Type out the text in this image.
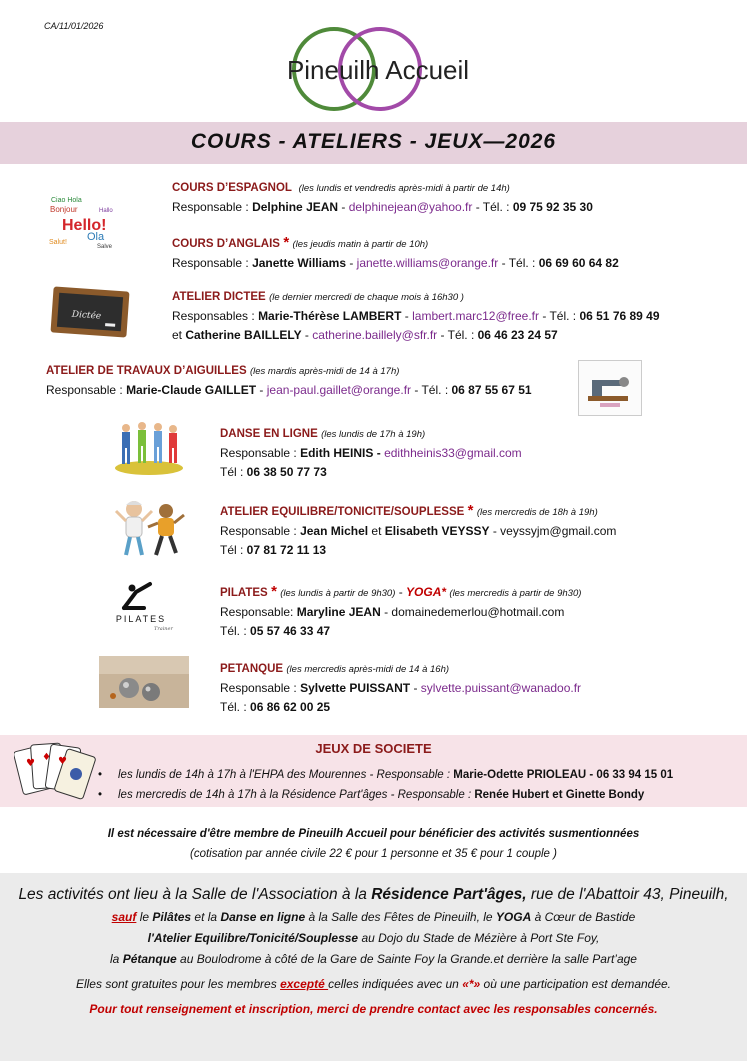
CA/11/01/2026
Pineuilh Accueil
COURS - ATELIERS - JEUX—2026
Ciao Hola
Bonjour
Hello!
Ola
Salut!
Hallo
Salve
COURS D’ESPAGNOL (les lundis et vendredis après-midi à partir de 14h)
Responsable : Delphine JEAN - delphinejean@yahoo.fr - Tél. : 09 75 92 35 30
COURS D’ANGLAIS * (les jeudis matin à partir de 10h)
Responsable : Janette Williams - janette.williams@orange.fr - Tél. : 06 69 60 64 82
Dictée
ATELIER DICTEE (le dernier mercredi de chaque mois à 16h30 )
Responsables : Marie-Thérèse LAMBERT - lambert.marc12@free.fr - Tél. : 06 51 76 89 49
et Catherine BAILLELY - catherine.baillely@sfr.fr - Tél. : 06 46 23 24 57
ATELIER DE TRAVAUX D’AIGUILLES (les mardis après-midi de 14 à 17h)
Responsable : Marie-Claude GAILLET - jean-paul.gaillet@orange.fr - Tél. : 06 87 55 67 51
DANSE EN LIGNE (les lundis de 17h à 19h)
Responsable : Edith HEINIS - edithheinis33@gmail.com
Tél : 06 38 50 77 73
ATELIER EQUILIBRE/TONICITE/SOUPLESSE * (les mercredis de 18h à 19h)
Responsable : Jean Michel et Elisabeth VEYSSY - veyssyjm@gmail.com
Tél : 07 81 72 11 13
PILATES
Trainer
PILATES * (les lundis à partir de 9h30) - YOGA* (les mercredis à partir de 9h30)
Responsable: Maryline JEAN - domainedemerlou@hotmail.com
Tél. : 05 57 46 33 47
PETANQUE (les mercredis après-midi de 14 à 16h)
Responsable : Sylvette PUISSANT - sylvette.puissant@wanadoo.fr
Tél. : 06 86 62 00 25
♥
♦ ♥
JEUX DE SOCIETE
• les lundis de 14h à 17h à l'EHPA des Mourennes - Responsable : Marie-Odette PRIOLEAU - 06 33 94 15 01
• les mercredis de 14h à 17h à la Résidence Part'âges - Responsable : Renée Hubert et Ginette Bondy
Il est nécessaire d'être membre de Pineuilh Accueil pour bénéficier des activités susmentionnées
(cotisation par année civile 22 € pour 1 personne et 35 € pour 1 couple )
Les activités ont lieu à la Salle de l'Association à la Résidence Part'âges, rue de l'Abattoir 43, Pineuilh,
sauf le Pilâtes et la Danse en ligne à la Salle des Fêtes de Pineuilh, le YOGA à Cœur de Bastide
l'Atelier Equilibre/Tonicité/Souplesse au Dojo du Stade de Mézière à Port Ste Foy,
la Pétanque au Boulodrome à côté de la Gare de Sainte Foy la Grande.et derrière la salle Part’age
Elles sont gratuites pour les membres excepté celles indiquées avec un «*» où une participation est demandée.
Pour tout renseignement et inscription, merci de prendre contact avec les responsables concernés.
